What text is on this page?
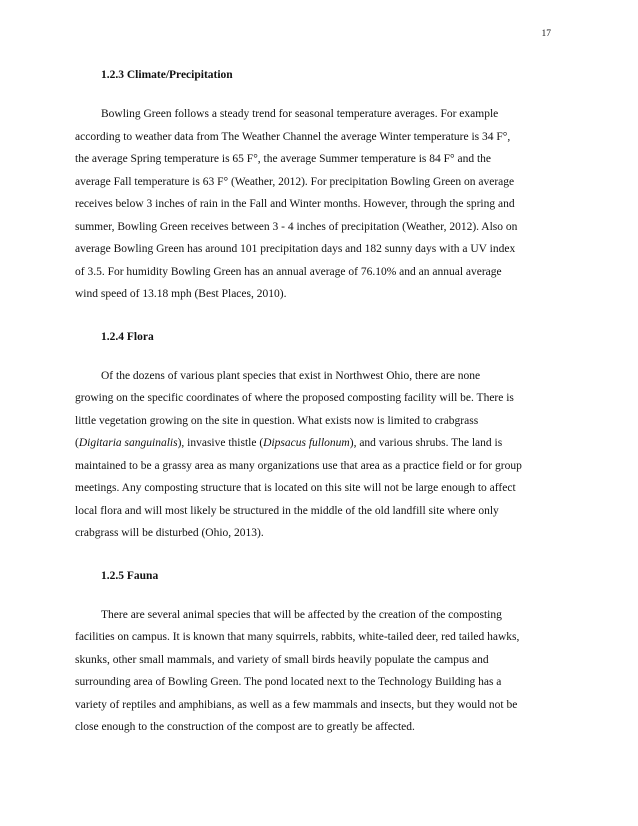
17
1.2.3 Climate/Precipitation

Bowling Green follows a steady trend for seasonal temperature averages. For example
according to weather data from The Weather Channel the average Winter temperature is 34 F°,
the average Spring temperature is 65 F°, the average Summer temperature is 84 F° and the
average Fall temperature is 63 F° (Weather, 2012). For precipitation Bowling Green on average
receives below 3 inches of rain in the Fall and Winter months. However, through the spring and
summer, Bowling Green receives between 3 - 4 inches of precipitation (Weather, 2012). Also on
average Bowling Green has around 101 precipitation days and 182 sunny days with a UV index
of 3.5. For humidity Bowling Green has an annual average of 76.10% and an annual average
wind speed of 13.18 mph (Best Places, 2010).

1.2.4 Flora

Of the dozens of various plant species that exist in Northwest Ohio, there are none
growing on the specific coordinates of where the proposed composting facility will be. There is
little vegetation growing on the site in question. What exists now is limited to crabgrass
(Digitaria sanguinalis), invasive thistle (Dipsacus fullonum), and various shrubs. The land is
maintained to be a grassy area as many organizations use that area as a practice field or for group
meetings. Any composting structure that is located on this site will not be large enough to affect
local flora and will most likely be structured in the middle of the old landfill site where only
crabgrass will be disturbed (Ohio, 2013).

1.2.5 Fauna

There are several animal species that will be affected by the creation of the composting
facilities on campus. It is known that many squirrels, rabbits, white-tailed deer, red tailed hawks,
skunks, other small mammals, and variety of small birds heavily populate the campus and
surrounding area of Bowling Green. The pond located next to the Technology Building has a
variety of reptiles and amphibians, as well as a few mammals and insects, but they would not be
close enough to the construction of the compost are to greatly be affected.
